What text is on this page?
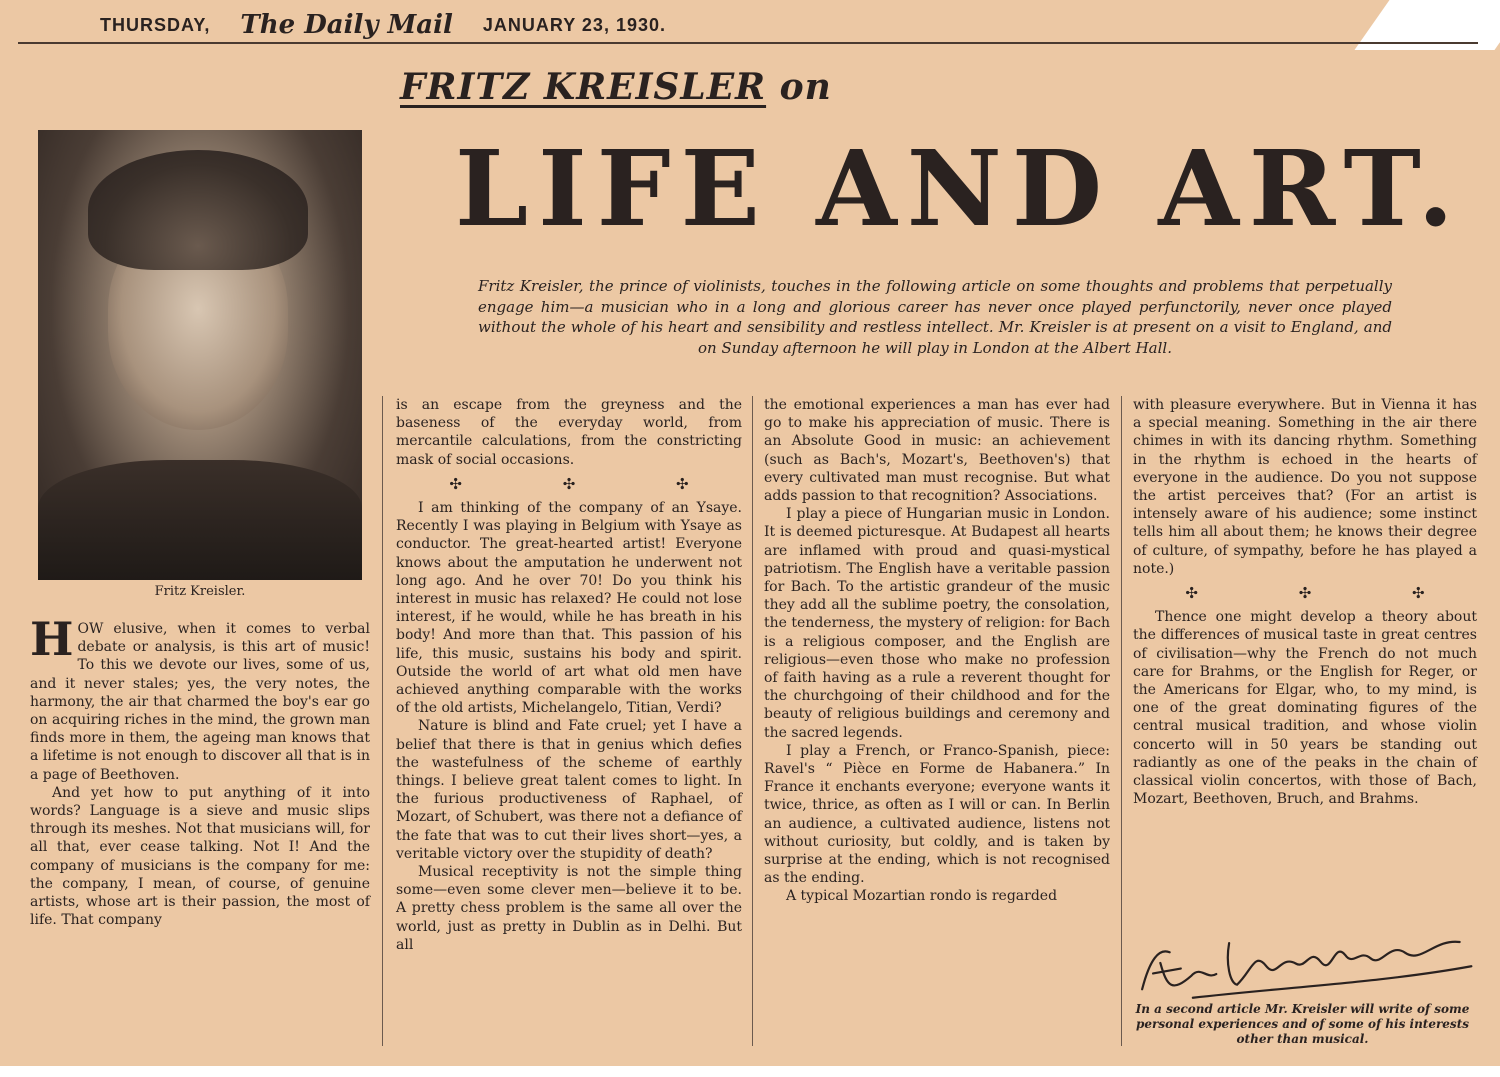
THURSDAY, The Daily Mail JANUARY 23, 1930.
Fritz Kreisler.
FRITZ KREISLER on
LIFE AND ART.
Fritz Kreisler, the prince of violinists, touches in the following article on some thoughts and problems that perpetually engage him—a musician who in a long and glorious career has never once played perfunctorily, never once played without the whole of his heart and sensibility and restless intellect. Mr. Kreisler is at present on a visit to England, and on Sunday afternoon he will play in London at the Albert Hall.

HOW elusive, when it comes to verbal debate or analysis, is this art of music! To this we devote our lives, some of us, and it never stales; yes, the very notes, the harmony, the air that charmed the boy's ear go on acquiring riches in the mind, the grown man finds more in them, the ageing man knows that a lifetime is not enough to discover all that is in a page of Beethoven.

And yet how to put anything of it into words? Language is a sieve and music slips through its meshes. Not that musicians will, for all that, ever cease talking. Not I! And the company of musicians is the company for me: the company, I mean, of course, of genuine artists, whose art is their passion, the most of life. That company

is an escape from the greyness and the baseness of the everyday world, from mercantile calculations, from the constricting mask of social occasions.

✣ ✣ ✣

I am thinking of the company of an Ysaye. Recently I was playing in Belgium with Ysaye as conductor. The great-hearted artist! Everyone knows about the amputation he underwent not long ago. And he over 70! Do you think his interest in music has relaxed? He could not lose interest, if he would, while he has breath in his body! And more than that. This passion of his life, this music, sustains his body and spirit. Outside the world of art what old men have achieved anything comparable with the works of the old artists, Michelangelo, Titian, Verdi?

Nature is blind and Fate cruel; yet I have a belief that there is that in genius which defies the wastefulness of the scheme of earthly things. I believe great talent comes to light. In the furious productiveness of Raphael, of Mozart, of Schubert, was there not a defiance of the fate that was to cut their lives short—yes, a veritable victory over the stupidity of death?

Musical receptivity is not the simple thing some—even some clever men—believe it to be. A pretty chess problem is the same all over the world, just as pretty in Dublin as in Delhi. But all

the emotional experiences a man has ever had go to make his appreciation of music. There is an Absolute Good in music: an achievement (such as Bach's, Mozart's, Beethoven's) that every cultivated man must recognise. But what adds passion to that recognition? Associations.

I play a piece of Hungarian music in London. It is deemed picturesque. At Budapest all hearts are inflamed with proud and quasi-mystical patriotism. The English have a veritable passion for Bach. To the artistic grandeur of the music they add all the sublime poetry, the consolation, the tenderness, the mystery of religion: for Bach is a religious composer, and the English are religious—even those who make no profession of faith having as a rule a reverent thought for the churchgoing of their childhood and for the beauty of religious buildings and ceremony and the sacred legends.

I play a French, or Franco-Spanish, piece: Ravel's “ Pièce en Forme de Habanera.” In France it enchants everyone; everyone wants it twice, thrice, as often as I will or can. In Berlin an audience, a cultivated audience, listens not without curiosity, but coldly, and is taken by surprise at the ending, which is not recognised as the ending.

A typical Mozartian rondo is regarded

with pleasure everywhere. But in Vienna it has a special meaning. Something in the air there chimes in with its dancing rhythm. Something in the rhythm is echoed in the hearts of everyone in the audience. Do you not suppose the artist perceives that? (For an artist is intensely aware of his audience; some instinct tells him all about them; he knows their degree of culture, of sympathy, before he has played a note.)

✣ ✣ ✣

Thence one might develop a theory about the differences of musical taste in great centres of civilisation—why the French do not much care for Brahms, or the English for Reger, or the Americans for Elgar, who, to my mind, is one of the great dominating figures of the central musical tradition, and whose violin concerto will in 50 years be standing out radiantly as one of the peaks in the chain of classical violin concertos, with those of Bach, Mozart, Beethoven, Bruch, and Brahms.

In a second article Mr. Kreisler will write of some personal experiences and of some of his interests other than musical.
